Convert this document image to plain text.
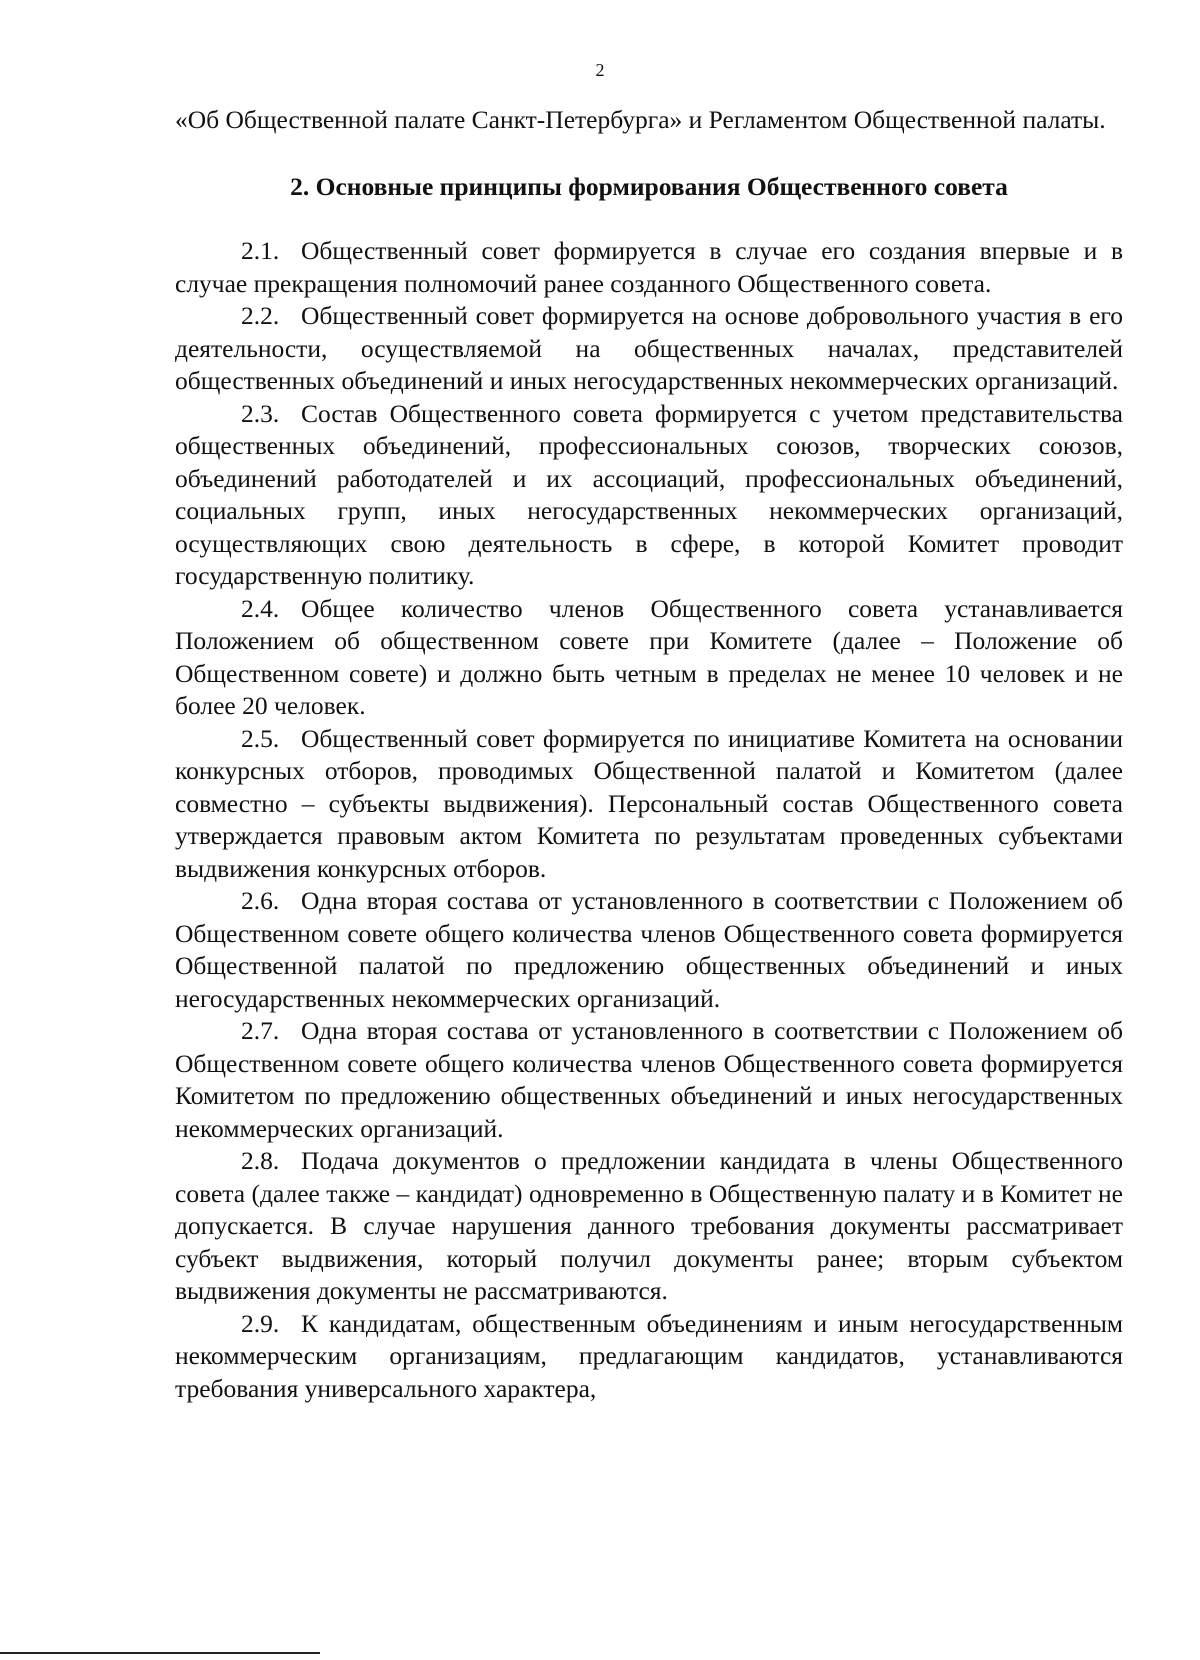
2

«Об Общественной палате Санкт-Петербурга» и Регламентом Общественной палаты.

2. Основные принципы формирования Общественного совета

2.1. Общественный совет формируется в случае его создания впервые и в случае прекращения полномочий ранее созданного Общественного совета.

2.2. Общественный совет формируется на основе добровольного участия в его деятельности, осуществляемой на общественных началах, представителей общественных объединений и иных негосударственных некоммерческих организаций.

2.3. Состав Общественного совета формируется с учетом представительства общественных объединений, профессиональных союзов, творческих союзов, объединений работодателей и их ассоциаций, профессиональных объединений, социальных групп, иных негосударственных некоммерческих организаций, осуществляющих свою деятельность в сфере, в которой Комитет проводит государственную политику.

2.4. Общее количество членов Общественного совета устанавливается Положением об общественном совете при Комитете (далее – Положение об Общественном совете) и должно быть четным в пределах не менее 10 человек и не более 20 человек.

2.5. Общественный совет формируется по инициативе Комитета на основании конкурсных отборов, проводимых Общественной палатой и Комитетом (далее совместно – субъекты выдвижения). Персональный состав Общественного совета утверждается правовым актом Комитета по результатам проведенных субъектами выдвижения конкурсных отборов.

2.6. Одна вторая состава от установленного в соответствии с Положением об Общественном совете общего количества членов Общественного совета формируется Общественной палатой по предложению общественных объединений и иных негосударственных некоммерческих организаций.

2.7. Одна вторая состава от установленного в соответствии с Положением об Общественном совете общего количества членов Общественного совета формируется Комитетом по предложению общественных объединений и иных негосударственных некоммерческих организаций.

2.8. Подача документов о предложении кандидата в члены Общественного совета (далее также – кандидат) одновременно в Общественную палату и в Комитет не допускается. В случае нарушения данного требования документы рассматривает субъект выдвижения, который получил документы ранее; вторым субъектом выдвижения документы не рассматриваются.

2.9. К кандидатам, общественным объединениям и иным негосударственным некоммерческим организациям, предлагающим кандидатов, устанавливаются требования универсального характера,
